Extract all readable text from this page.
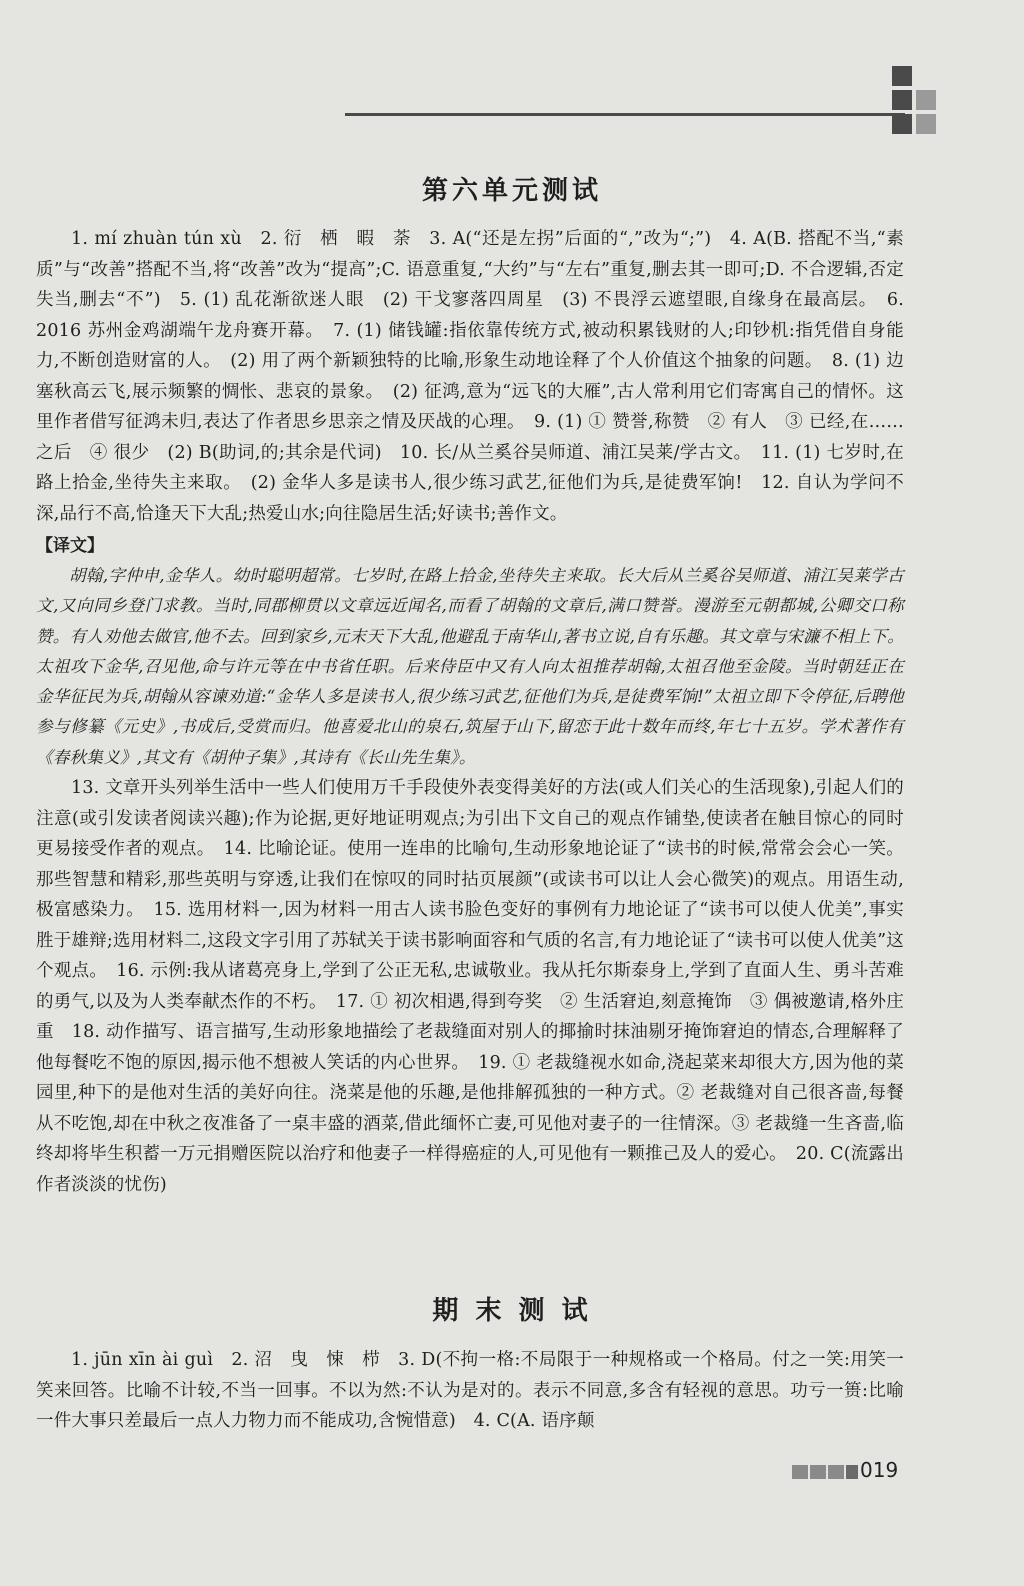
第六单元测试

1. mí zhuàn tún xù　2. 衍　栖　暇　荼　3. A(“还是左拐”后面的“,”改为“;”)　4. A(B. 搭配不当,“素质”与“改善”搭配不当,将“改善”改为“提高”;C. 语意重复,“大约”与“左右”重复,删去其一即可;D. 不合逻辑,否定失当,删去“不”)　5. (1) 乱花渐欲迷人眼　(2) 干戈寥落四周星　(3) 不畏浮云遮望眼,自缘身在最高层。　6. 2016 苏州金鸡湖端午龙舟赛开幕。　7. (1) 储钱罐:指依靠传统方式,被动积累钱财的人;印钞机:指凭借自身能力,不断创造财富的人。　(2) 用了两个新颖独特的比喻,形象生动地诠释了个人价值这个抽象的问题。　8. (1) 边塞秋高云飞,展示频繁的惆怅、悲哀的景象。　(2) 征鸿,意为“远飞的大雁”,古人常利用它们寄寓自己的情怀。这里作者借写征鸿未归,表达了作者思乡思亲之情及厌战的心理。　9. (1) ① 赞誉,称赞　② 有人　③ 已经,在……之后　④ 很少　(2) B(助词,的;其余是代词)　10. 长/从兰奚谷吴师道、浦江吴莱/学古文。　11. (1) 七岁时,在路上拾金,坐待失主来取。　(2) 金华人多是读书人,很少练习武艺,征他们为兵,是徒费军饷!　12. 自认为学问不深,品行不高,恰逢天下大乱;热爱山水;向往隐居生活;好读书;善作文。

【译文】

胡翰,字仲申,金华人。幼时聪明超常。七岁时,在路上拾金,坐待失主来取。长大后从兰奚谷吴师道、浦江吴莱学古文,又向同乡登门求教。当时,同郡柳贯以文章远近闻名,而看了胡翰的文章后,满口赞誉。漫游至元朝都城,公卿交口称赞。有人劝他去做官,他不去。回到家乡,元末天下大乱,他避乱于南华山,著书立说,自有乐趣。其文章与宋濂不相上下。太祖攻下金华,召见他,命与许元等在中书省任职。后来侍臣中又有人向太祖推荐胡翰,太祖召他至金陵。当时朝廷正在金华征民为兵,胡翰从容谏劝道:“金华人多是读书人,很少练习武艺,征他们为兵,是徒费军饷!”太祖立即下令停征,后聘他参与修纂《元史》,书成后,受赏而归。他喜爱北山的泉石,筑屋于山下,留恋于此十数年而终,年七十五岁。学术著作有《春秋集义》,其文有《胡仲子集》,其诗有《长山先生集》。

13. 文章开头列举生活中一些人们使用万千手段使外表变得美好的方法(或人们关心的生活现象),引起人们的注意(或引发读者阅读兴趣);作为论据,更好地证明观点;为引出下文自己的观点作铺垫,使读者在触目惊心的同时更易接受作者的观点。　14. 比喻论证。使用一连串的比喻句,生动形象地论证了“读书的时候,常常会会心一笑。那些智慧和精彩,那些英明与穿透,让我们在惊叹的同时拈页展颜”(或读书可以让人会心微笑)的观点。用语生动,极富感染力。　15. 选用材料一,因为材料一用古人读书脸色变好的事例有力地论证了“读书可以使人优美”,事实胜于雄辩;选用材料二,这段文字引用了苏轼关于读书影响面容和气质的名言,有力地论证了“读书可以使人优美”这个观点。　16. 示例:我从诸葛亮身上,学到了公正无私,忠诚敬业。我从托尔斯泰身上,学到了直面人生、勇斗苦难的勇气,以及为人类奉献杰作的不朽。　17. ① 初次相遇,得到夸奖　② 生活窘迫,刻意掩饰　③ 偶被邀请,格外庄重　18. 动作描写、语言描写,生动形象地描绘了老裁缝面对别人的揶揄时抹油剔牙掩饰窘迫的情态,合理解释了他每餐吃不饱的原因,揭示他不想被人笑话的内心世界。　19. ① 老裁缝视水如命,浇起菜来却很大方,因为他的菜园里,种下的是他对生活的美好向往。浇菜是他的乐趣,是他排解孤独的一种方式。② 老裁缝对自己很吝啬,每餐从不吃饱,却在中秋之夜准备了一桌丰盛的酒菜,借此缅怀亡妻,可见他对妻子的一往情深。③ 老裁缝一生吝啬,临终却将毕生积蓄一万元捐赠医院以治疗和他妻子一样得癌症的人,可见他有一颗推己及人的爱心。　20. C(流露出作者淡淡的忧伤)

期 末 测 试

1. jūn xīn ài guì　2. 沼　曳　悚　栉　3. D(不拘一格:不局限于一种规格或一个格局。付之一笑:用笑一笑来回答。比喻不计较,不当一回事。不以为然:不认为是对的。表示不同意,多含有轻视的意思。功亏一篑:比喻一件大事只差最后一点人力物力而不能成功,含惋惜意)　4. C(A. 语序颠

019
